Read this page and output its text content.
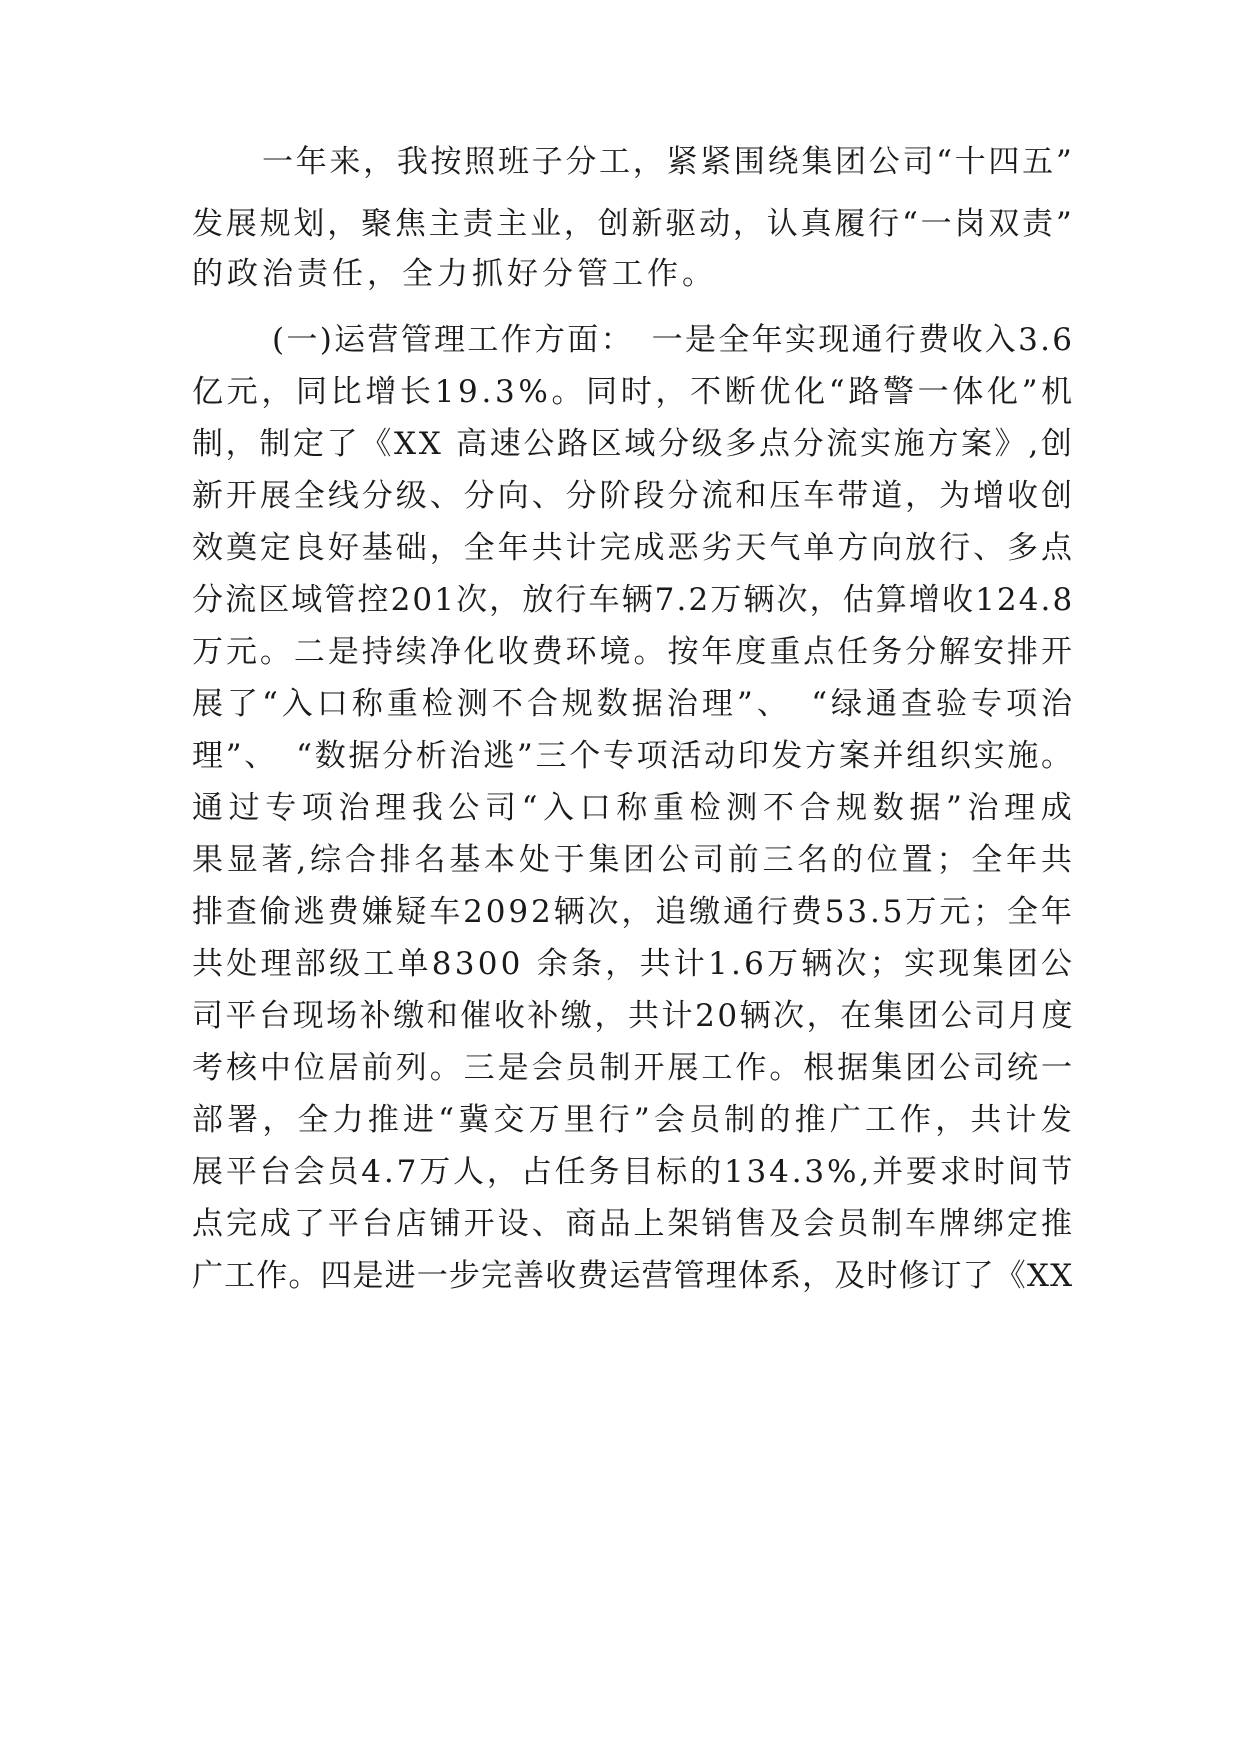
一年来，我按照班子分工，紧紧围绕集团公司“十四五”
发展规划，聚焦主责主业，创新驱动，认真履行“一岗双责”
的政治责任，全力抓好分管工作。
(一)运营管理工作方面：　一是全年实现通行费收入3.6
亿元，同比增长19.3%。同时，不断优化“路警一体化”机
制，制定了《XX 高速公路区域分级多点分流实施方案》,创
新开展全线分级、分向、分阶段分流和压车带道，为增收创
效奠定良好基础，全年共计完成恶劣天气单方向放行、多点
分流区域管控201次，放行车辆7.2万辆次，估算增收124.8
万元。二是持续净化收费环境。按年度重点任务分解安排开
展了“入口称重检测不合规数据治理”、　“绿通查验专项治
理”、　“数据分析治逃”三个专项活动印发方案并组织实施。
通过专项治理我公司“入口称重检测不合规数据”治理成
果显著,综合排名基本处于集团公司前三名的位置；全年共
排查偷逃费嫌疑车2092辆次，追缴通行费53.5万元；全年
共处理部级工单8300 余条，共计1.6万辆次；实现集团公
司平台现场补缴和催收补缴，共计20辆次，在集团公司月度
考核中位居前列。三是会员制开展工作。根据集团公司统一
部署，全力推进“冀交万里行”会员制的推广工作，共计发
展平台会员4.7万人，占任务目标的134.3%,并要求时间节
点完成了平台店铺开设、商品上架销售及会员制车牌绑定推
广工作。四是进一步完善收费运营管理体系，及时修订了《XX
